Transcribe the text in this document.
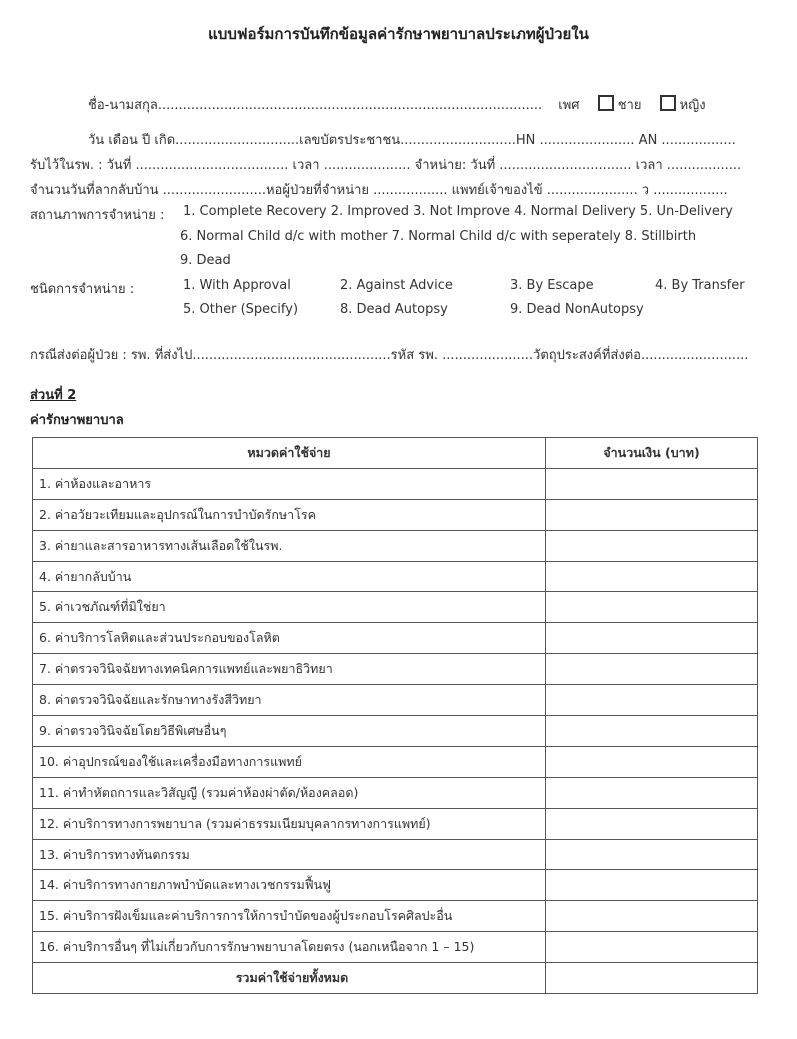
แบบฟอร์มการบันทึกข้อมูลค่ารักษาพยาบาลประเภทผู้ป่วยใน
ชื่อ-นามสกุล............................................................................................. เพศ	ชาย	หญิง
วัน เดือน ปี เกิด..............................เลขบัตรประชาชน............................HN ....................... AN ..................
รับไว้ในรพ. : วันที่ ..................................... เวลา ..................... จำหน่าย: วันที่ ................................ เวลา ..................
จำนวนวันที่ลากลับบ้าน .........................หอผู้ป่วยที่จำหน่าย .................. แพทย์เจ้าของไข้ ...................... ว ..................
สถานภาพการจำหน่าย : 1. Complete Recovery 2. Improved 3. Not Improve 4. Normal Delivery 5. Un-Delivery
6. Normal Child d/c with mother 7. Normal Child d/c with seperately 8. Stillbirth
9. Dead
ชนิดการจำหน่าย :	1. With Approval	2. Against Advice	3. By Escape	4. By Transfer
5. Other (Specify)	8. Dead Autopsy	9. Dead NonAutopsy
กรณีส่งต่อผู้ป่วย : รพ. ที่ส่งไป................................................รหัส รพ. ......................วัตถุประสงค์ที่ส่งต่อ..........................
ส่วนที่ 2
ค่ารักษาพยาบาล
หมวดค่าใช้จ่าย	จำนวนเงิน (บาท)
1. ค่าห้องและอาหาร	
2. ค่าอวัยวะเทียมและอุปกรณ์ในการบำบัดรักษาโรค	
3. ค่ายาและสารอาหารทางเส้นเลือดใช้ในรพ.	
4. ค่ายากลับบ้าน	
5. ค่าเวชภัณฑ์ที่มิใช่ยา	
6. ค่าบริการโลหิตและส่วนประกอบของโลหิต	
7. ค่าตรวจวินิจฉัยทางเทคนิคการแพทย์และพยาธิวิทยา	
8. ค่าตรวจวินิจฉัยและรักษาทางรังสีวิทยา	
9. ค่าตรวจวินิจฉัยโดยวิธีพิเศษอื่นๆ	
10. ค่าอุปกรณ์ของใช้และเครื่องมือทางการแพทย์	
11. ค่าทำหัตถการและวิสัญญี (รวมค่าห้องผ่าตัด/ห้องคลอด)	
12. ค่าบริการทางการพยาบาล (รวมค่าธรรมเนียมบุคลากรทางการแพทย์)	
13. ค่าบริการทางทันตกรรม	
14. ค่าบริการทางกายภาพบำบัดและทางเวชกรรมฟื้นฟู	
15. ค่าบริการฝังเข็มและค่าบริการการให้การบำบัดของผู้ประกอบโรคศิลปะอื่น	
16. ค่าบริการอื่นๆ ที่ไม่เกี่ยวกับการรักษาพยาบาลโดยตรง (นอกเหนือจาก 1 – 15)	
รวมค่าใช้จ่ายทั้งหมด	
